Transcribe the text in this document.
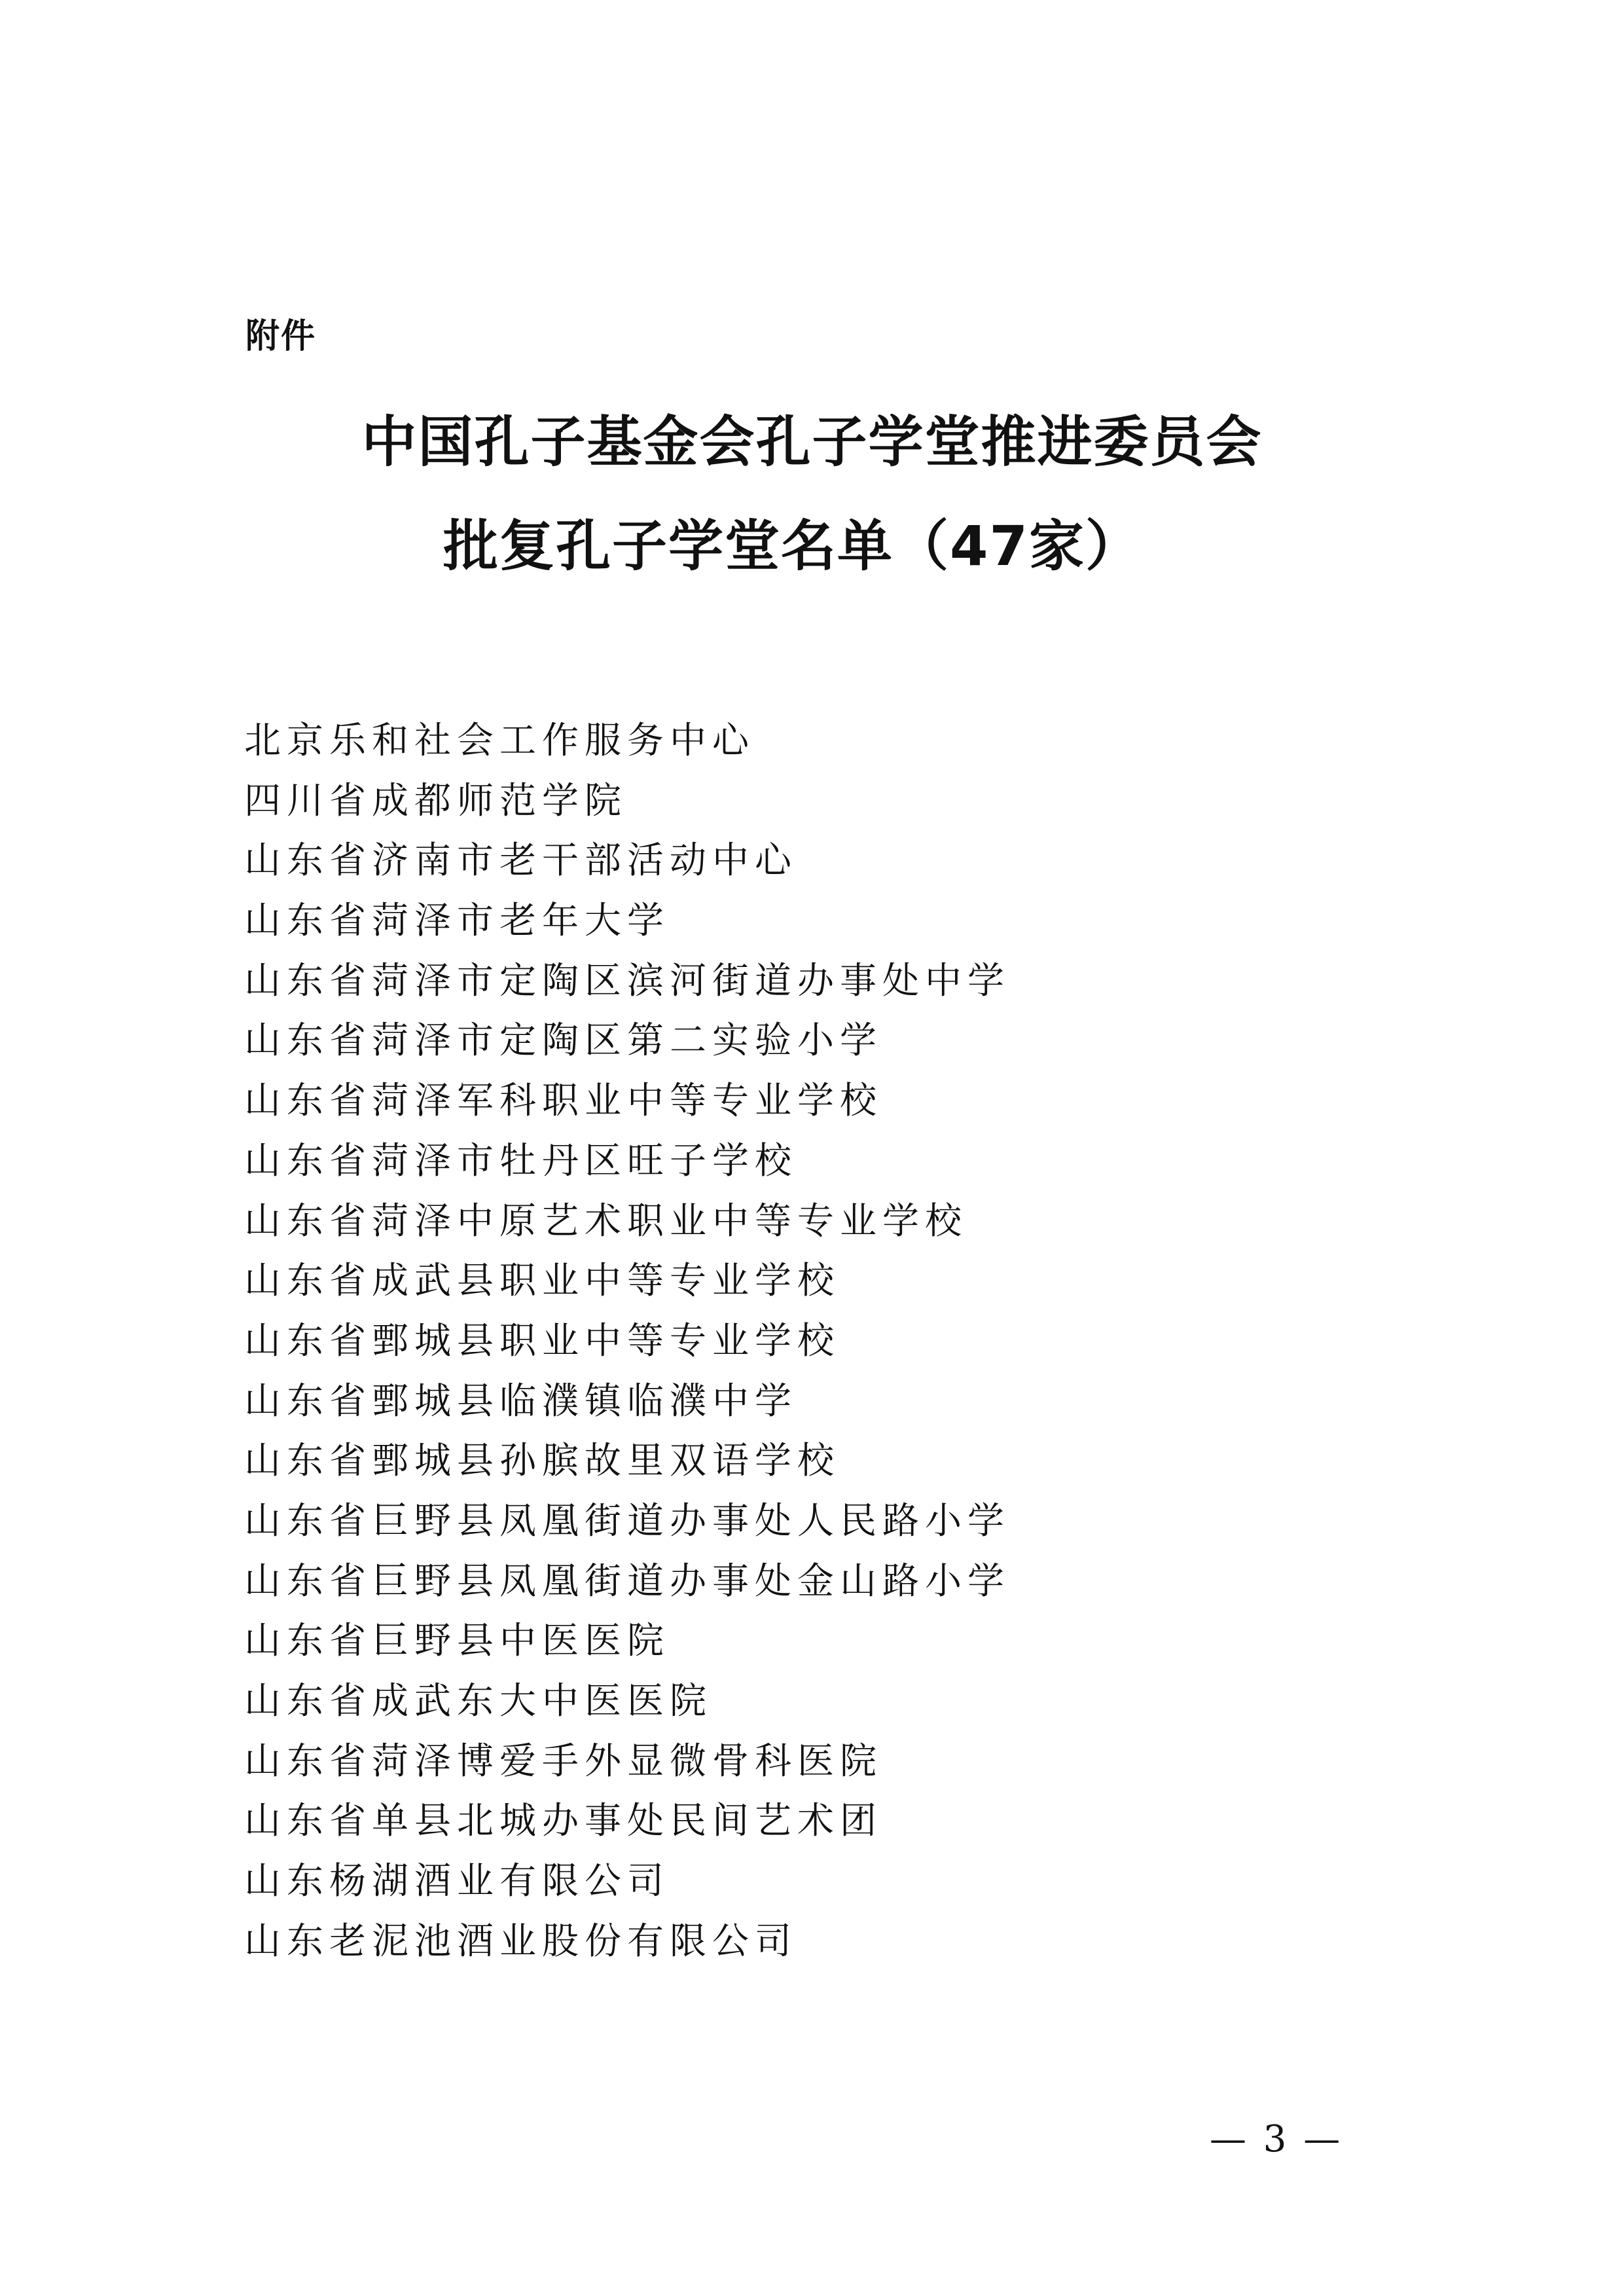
附件
中国孔子基金会孔子学堂推进委员会
批复孔子学堂名单（47家）
北京乐和社会工作服务中心
四川省成都师范学院
山东省济南市老干部活动中心
山东省菏泽市老年大学
山东省菏泽市定陶区滨河街道办事处中学
山东省菏泽市定陶区第二实验小学
山东省菏泽军科职业中等专业学校
山东省菏泽市牡丹区旺子学校
山东省菏泽中原艺术职业中等专业学校
山东省成武县职业中等专业学校
山东省鄄城县职业中等专业学校
山东省鄄城县临濮镇临濮中学
山东省鄄城县孙膑故里双语学校
山东省巨野县凤凰街道办事处人民路小学
山东省巨野县凤凰街道办事处金山路小学
山东省巨野县中医医院
山东省成武东大中医医院
山东省菏泽博爱手外显微骨科医院
山东省单县北城办事处民间艺术团
山东杨湖酒业有限公司
山东老泥池酒业股份有限公司
— 3 —
